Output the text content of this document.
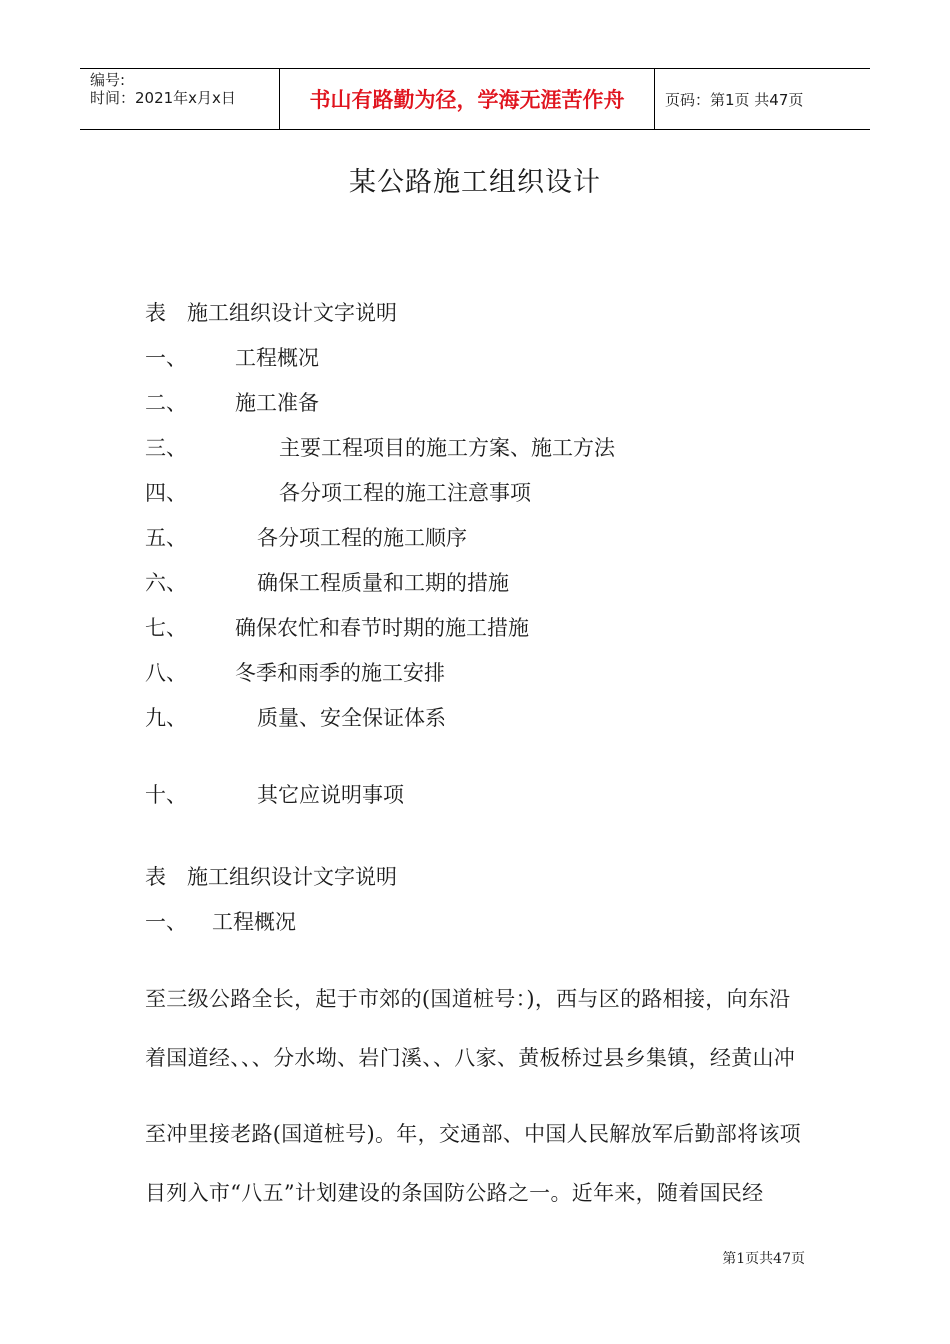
编号:
时间：2021年x月x日	书山有路勤为径，学海无涯苦作舟	页码：第1页 共47页
某公路施工组织设计
表　施工组织设计文字说明
一、 工程概况
二、 施工准备
三、	主要工程项目的施工方案、施工方法
四、	各分项工程的施工注意事项
五、	各分项工程的施工顺序
六、	确保工程质量和工期的措施
七、 确保农忙和春节时期的施工措施
八、 冬季和雨季的施工安排
九、	质量、安全保证体系
十、	其它应说明事项
表　施工组织设计文字说明
一、 工程概况
至三级公路全长，起于市郊的(国道桩号：)，西与区的路相接，向东沿
着国道经、、、分水坳、岩门溪、、八家、黄板桥过县乡集镇，经黄山冲
至冲里接老路(国道桩号)。年，交通部、中国人民解放军后勤部将该项
目列入市“八五”计划建设的条国防公路之一。近年来，随着国民经
第1页共47页
